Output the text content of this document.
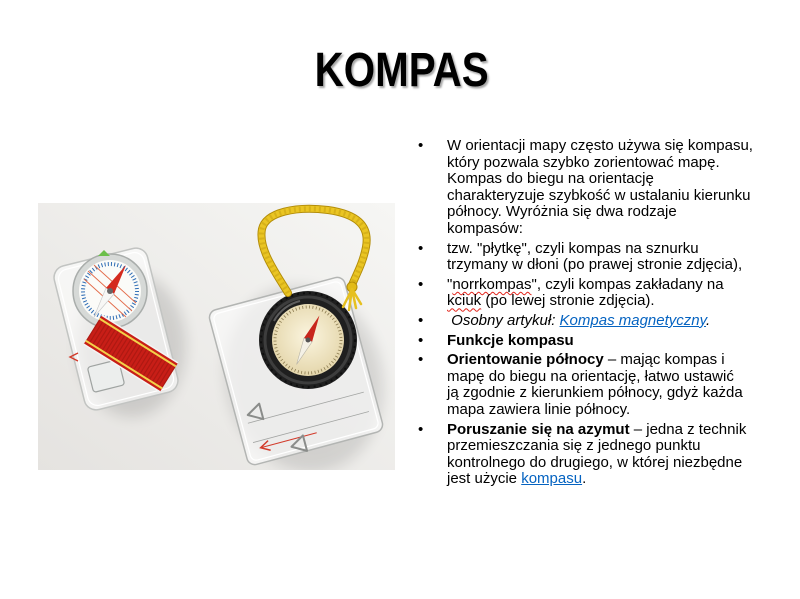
KOMPAS
• W orientacji mapy często używa się kompasu,
który pozwala szybko zorientować mapę.
Kompas do biegu na orientację
charakteryzuje szybkość w ustalaniu kierunku
północy. Wyróżnia się dwa rodzaje
kompasów:
• tzw. "płytkę", czyli kompas na sznurku
trzymany w dłoni (po prawej stronie zdjęcia),
• "norrkompas", czyli kompas zakładany na
kciuk (po lewej stronie zdjęcia).
• Osobny artykuł: Kompas magnetyczny.
• Funkcje kompasu
• Orientowanie północy – mając kompas i
mapę do biegu na orientację, łatwo ustawić
ją zgodnie z kierunkiem północy, gdyż każda
mapa zawiera linie północy.
• Poruszanie się na azymut – jedna z technik
przemieszczania się z jednego punktu
kontrolnego do drugiego, w której niezbędne
jest użycie kompasu.
